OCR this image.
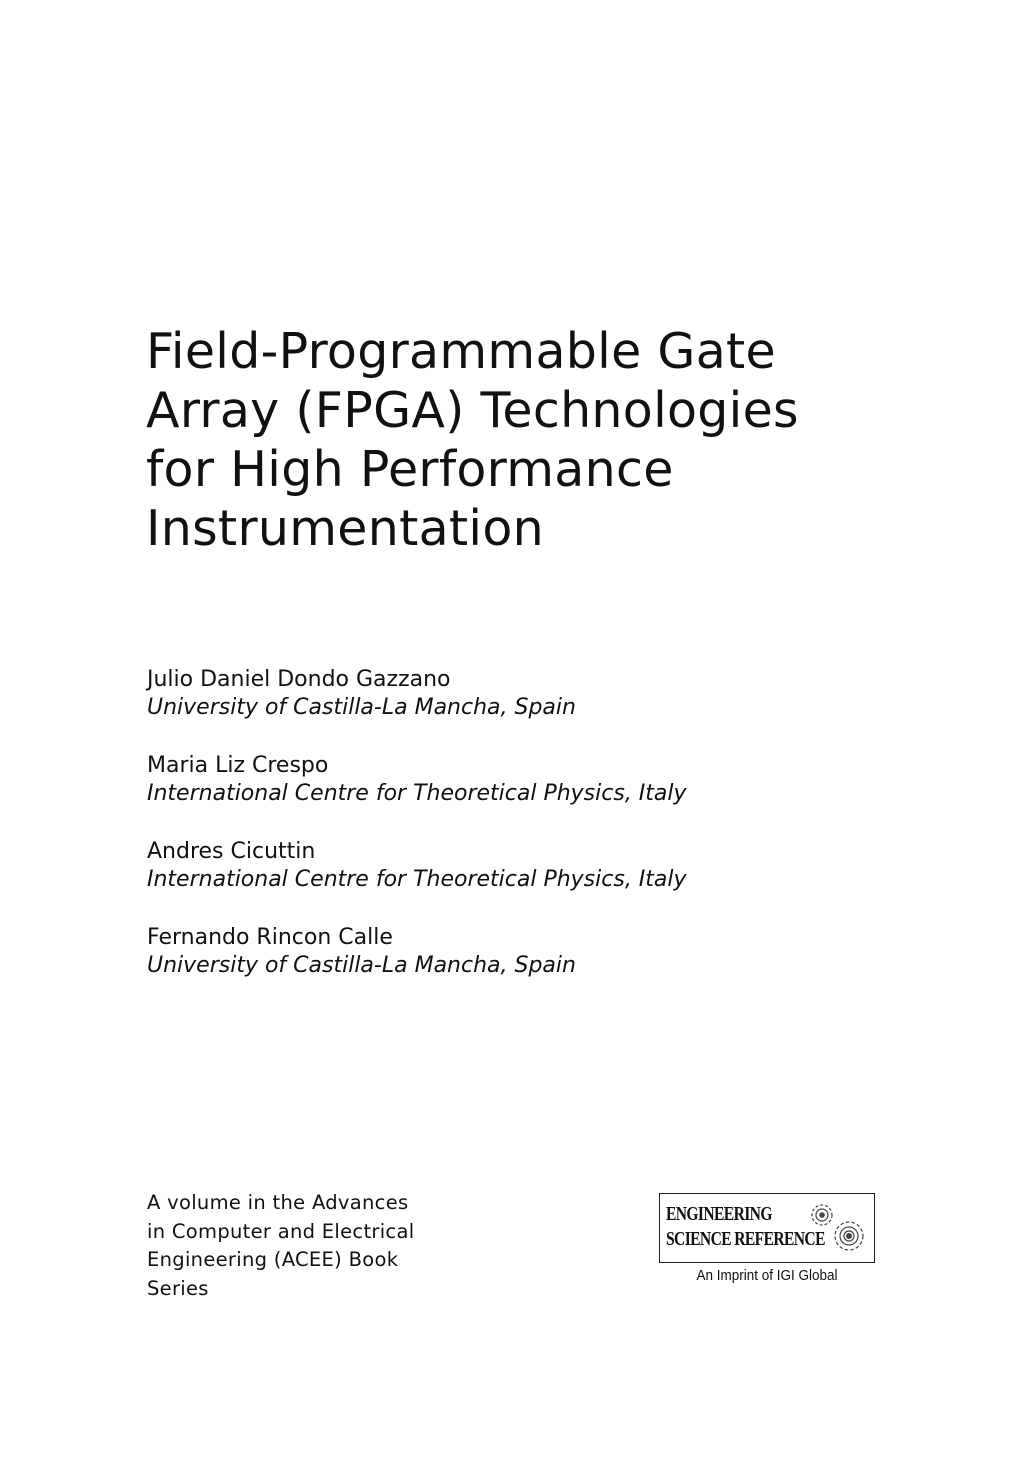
Field-Programmable Gate
Array (FPGA) Technologies
for High Performance
Instrumentation
Julio Daniel Dondo Gazzano
University of Castilla-La Mancha, Spain
Maria Liz Crespo
International Centre for Theoretical Physics, Italy
Andres Cicuttin
International Centre for Theoretical Physics, Italy
Fernando Rincon Calle
University of Castilla-La Mancha, Spain
A volume in the Advances
in Computer and Electrical
Engineering (ACEE) Book
Series
ENGINEERING
SCIENCE REFERENCE
An Imprint of IGI Global
